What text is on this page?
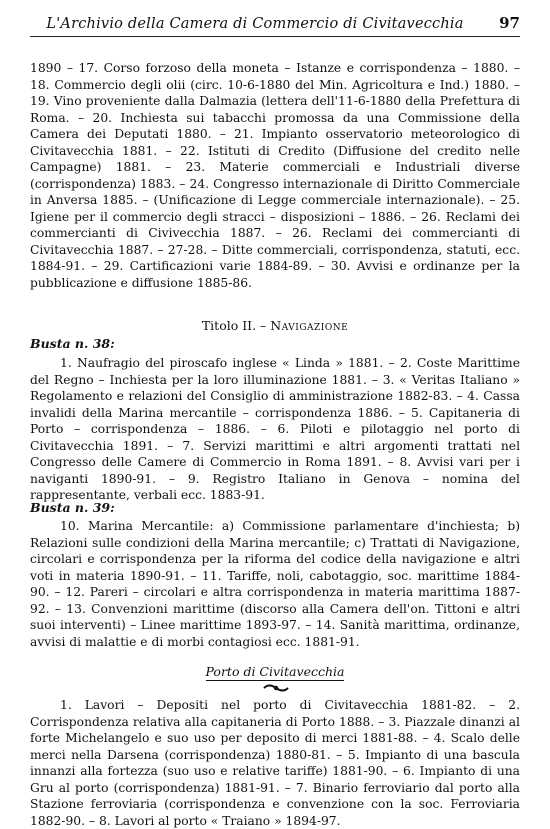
L'Archivio della Camera di Commercio di Civitavecchia	97

1890 – 17. Corso forzoso della moneta – Istanze e corrispondenza – 1880. – 18. Commercio degli olii (circ. 10-6-1880 del Min. Agricoltura e Ind.) 1880. – 19. Vino proveniente dalla Dalmazia (lettera dell'11-6-1880 della Prefettura di Roma. – 20. Inchiesta sui tabacchi promossa da una Commissione della Camera dei Deputati 1880. – 21. Impianto osservatorio meteorologico di Civitavecchia 1881. – 22. Istituti di Credito (Diffusione del credito nelle Campagne) 1881. – 23. Materie commerciali e Industriali diverse (corrispondenza) 1883. – 24. Congresso internazionale di Diritto Commerciale in Anversa 1885. – (Unificazione di Legge commerciale internazionale). – 25. Igiene per il commercio degli stracci – disposizioni – 1886. – 26. Reclami dei commercianti di Civivecchia 1887. – 26. Reclami dei commercianti di Civitavecchia 1887. – 27-28. – Ditte commerciali, corrispondenza, statuti, ecc. 1884-91. – 29. Cartificazioni varie 1884-89. – 30. Avvisi e ordinanze per la pubblicazione e diffusione 1885-86.

Titolo II. – Navigazione
Busta n. 38:

1. Naufragio del piroscafo inglese « Linda » 1881. – 2. Coste Marittime del Regno – Inchiesta per la loro illuminazione 1881. – 3. « Veritas Italiano » Regolamento e relazioni del Consiglio di amministrazione 1882-83. – 4. Cassa invalidi della Marina mercantile – corrispondenza 1886. – 5. Capitaneria di Porto – corrispondenza – 1886. – 6. Piloti e pilotaggio nel porto di Civitavecchia 1891. – 7. Servizi marittimi e altri argomenti trattati nel Congresso delle Camere di Commercio in Roma 1891. – 8. Avvisi vari per i naviganti 1890-91. – 9. Registro Italiano in Genova – nomina del rappresentante, verbali ecc. 1883-91.

Busta n. 39:

10. Marina Mercantile: a) Commissione parlamentare d'inchiesta; b) Relazioni sulle condizioni della Marina mercantile; c) Trattati di Navigazione, circolari e corrispondenza per la riforma del codice della navigazione e altri voti in materia 1890-91. – 11. Tariffe, noli, cabotaggio, soc. marittime 1884-90. – 12. Pareri – circolari e altra corrispondenza in materia marittima 1887-92. – 13. Convenzioni marittime (discorso alla Camera dell'on. Tittoni e altri suoi interventi) – Linee marittime 1893-97. – 14. Sanità marittima, ordinanze, avvisi di malattie e di morbi contagiosi ecc. 1881-91.

Porto di Civitavecchia

1. Lavori – Depositi nel porto di Civitavecchia 1881-82. – 2. Corrispondenza relativa alla capitaneria di Porto 1888. – 3. Piazzale dinanzi al forte Michelangelo e suo uso per deposito di merci 1881-88. – 4. Scalo delle merci nella Darsena (corrispondenza) 1880-81. – 5. Impianto di una bascula innanzi alla fortezza (suo uso e relative tariffe) 1881-90. – 6. Impianto di una Gru al porto (corrispondenza) 1881-91. – 7. Binario ferroviario dal porto alla Stazione ferroviaria (corrispondenza e convenzione con la soc. Ferroviaria 1882-90. – 8. Lavori al porto « Traiano » 1894-97.
